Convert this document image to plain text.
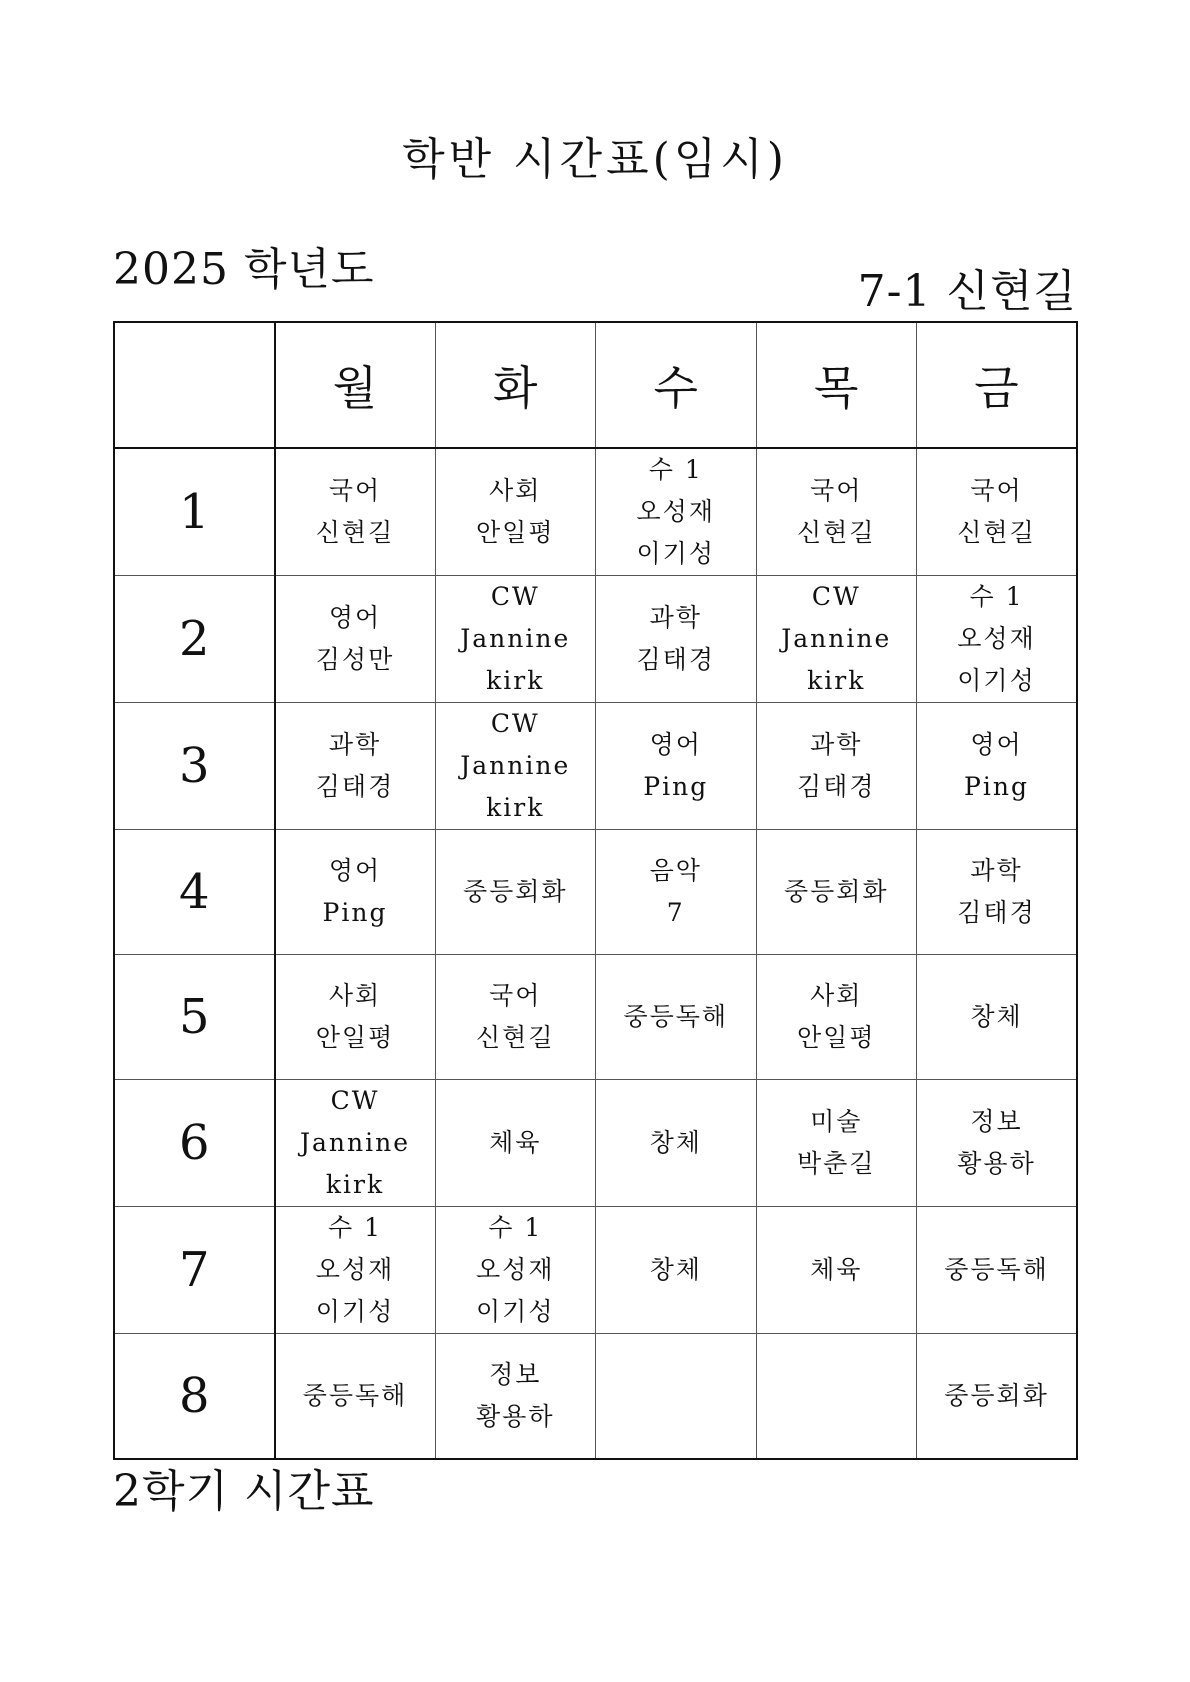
학반 시간표(임시)
2025 학년도	7-1 신현길
	월	화	수	목	금
1	국어
신현길	사회
안일평	수 1
오성재
이기성	국어
신현길	국어
신현길

2	영어
김성만	CW
Jannine
kirk	과학
김태경	CW
Jannine
kirk	수 1
오성재
이기성

3	과학
김태경	CW
Jannine
kirk	영어
Ping	과학
김태경	영어
Ping

4	영어
Ping	중등회화	음악
7	중등회화	과학
김태경

5	사회
안일평	국어
신현길	중등독해	사회
안일평	창체

6	CW
Jannine
kirk	체육	창체	미술
박춘길	정보
황용하

7	수 1
오성재
이기성	수 1
오성재
이기성	창체	체육	중등독해

8	중등독해	정보
황용하			중등회화
2학기 시간표
